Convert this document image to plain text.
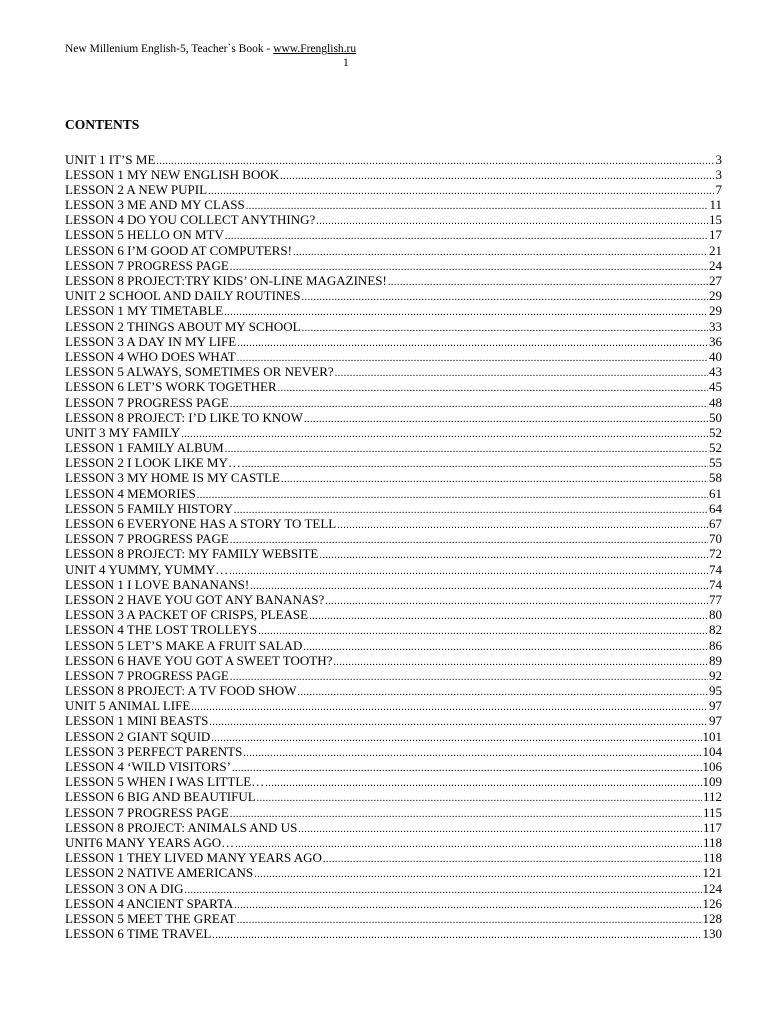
New Millenium English-5, Teacher`s Book - www.Frenglish.ru
1
CONTENTS
UNIT 1 IT’S ME .....	3
LESSON 1 MY NEW ENGLISH BOOK .....	3
LESSON 2 A NEW PUPIL .....	7
LESSON 3 ME AND MY CLASS .....	11
LESSON 4 DO YOU COLLECT ANYTHING? .....	15
LESSON 5 HELLO ON MTV .....	17
LESSON 6 I’M GOOD AT COMPUTERS! .....	21
LESSON 7 PROGRESS PAGE .....	24
LESSON 8 PROJECT:TRY KIDS’ ON-LINE MAGAZINES! .....	27
UNIT 2 SCHOOL AND DAILY ROUTINES .....	29
LESSON 1 MY TIMETABLE .....	29
LESSON 2 THINGS ABOUT MY SCHOOL .....	33
LESSON 3 A DAY IN MY LIFE .....	36
LESSON 4 WHO DOES WHAT .....	40
LESSON 5 ALWAYS, SOMETIMES OR NEVER? .....	43
LESSON 6 LET’S WORK TOGETHER .....	45
LESSON 7 PROGRESS PAGE .....	48
LESSON 8 PROJECT: I’D LIKE TO KNOW .....	50
UNIT 3 MY FAMILY .....	52
LESSON 1 FAMILY ALBUM .....	52
LESSON 2 I LOOK LIKE MY… .....	55
LESSON 3 MY HOME IS MY CASTLE .....	58
LESSON 4 MEMORIES .....	61
LESSON 5 FAMILY HISTORY .....	64
LESSON 6 EVERYONE HAS A STORY TO TELL .....	67
LESSON 7 PROGRESS PAGE .....	70
LESSON 8 PROJECT: MY FAMILY WEBSITE .....	72
UNIT 4 YUMMY, YUMMY… .....	74
LESSON 1 I LOVE BANANANS! .....	74
LESSON 2 HAVE YOU GOT ANY BANANAS? .....	77
LESSON 3 A PACKET OF CRISPS, PLEASE .....	80
LESSON 4 THE LOST TROLLEYS .....	82
LESSON 5 LET’S MAKE A FRUIT SALAD .....	86
LESSON 6 HAVE YOU GOT A SWEET TOOTH? .....	89
LESSON 7 PROGRESS PAGE .....	92
LESSON 8 PROJECT: A TV FOOD SHOW .....	95
UNIT 5 ANIMAL LIFE .....	97
LESSON 1 MINI BEASTS .....	97
LESSON 2 GIANT SQUID .....	101
LESSON 3 PERFECT PARENTS .....	104
LESSON 4 ‘WILD VISITORS’ .....	106
LESSON 5 WHEN I WAS LITTLE… .....	109
LESSON 6 BIG AND BEAUTIFUL .....	112
LESSON 7 PROGRESS PAGE .....	115
LESSON 8 PROJECT: ANIMALS AND US .....	117
UNIT6 MANY YEARS AGO… .....	118
LESSON 1 THEY LIVED MANY YEARS AGO .....	118
LESSON 2 NATIVE AMERICANS .....	121
LESSON 3 ON A DIG .....	124
LESSON 4 ANCIENT SPARTA .....	126
LESSON 5 MEET THE GREAT .....	128
LESSON 6 TIME TRAVEL .....	130
